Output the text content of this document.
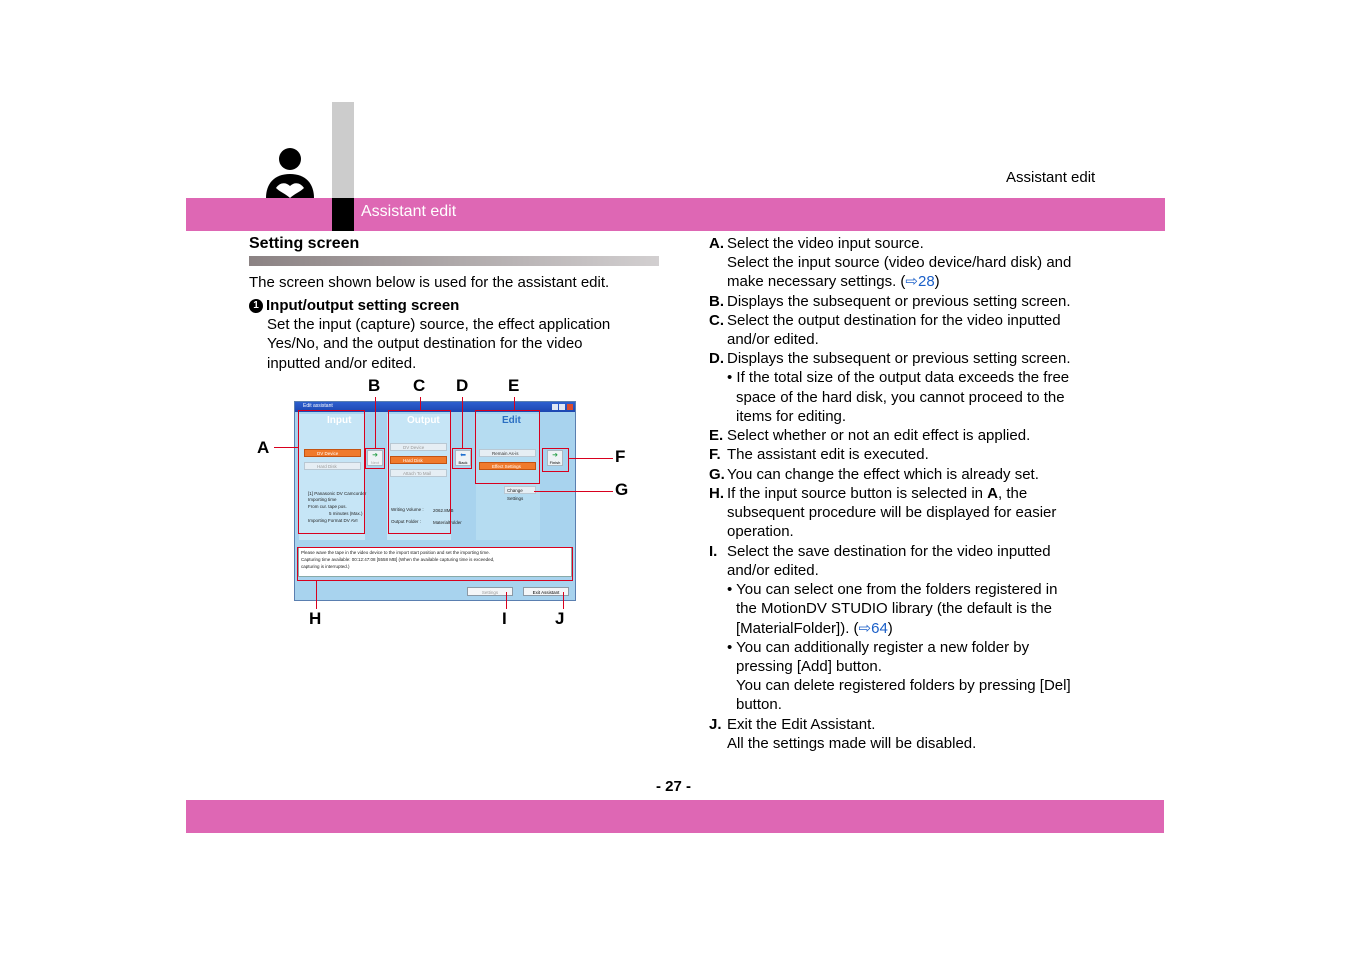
Assistant edit
Assistant edit
Setting screen
The screen shown below is used for the assistant edit.
1 Input/output setting screen
Set the input (capture) source, the effect application
Yes/No, and the output destination for the video
inputted and/or edited.
B C D E
A	F
G
H	I	J
Edit assistant
Input
DV Device
Hard Disk
[1] Panasonic DV Camcorder
Importing time
From cur. tape pos.
5 minutes (Max.)
Importing Format DV AVI
➜
Next
Output
DV Device
Hard Disk
Attach To Mail
Writing Volume : 2062.8MB
Output Folder :	MaterialFolder
⬅
Back
Edit
Remain As-is
Effect Settings
Change Settings
➜
Finish
Please wave the tape in the video device to the import start position and set the importing time.
Capturing time available: 00:12:47:08 [5558 MB] (When the available capturing time is exceeded,
capturing is interrupted.)
Settings	Exit Assistant
A. Select the video input source.
Select the input source (video device/hard disk) and
make necessary settings. (⇨28)
B. Displays the subsequent or previous setting screen.
C. Select the output destination for the video inputted
and/or edited.
D. Displays the subsequent or previous setting screen.
• If the total size of the output data exceeds the free
space of the hard disk, you cannot proceed to the
items for editing.
E. Select whether or not an edit effect is applied.
F. The assistant edit is executed.
G. You can change the effect which is already set.
H. If the input source button is selected in A, the
subsequent procedure will be displayed for easier
operation.
I. Select the save destination for the video inputted
and/or edited.
• You can select one from the folders registered in
the MotionDV STUDIO library (the default is the
[MaterialFolder]). (⇨64)
• You can additionally register a new folder by
pressing [Add] button.
You can delete registered folders by pressing [Del]
button.
J. Exit the Edit Assistant.
All the settings made will be disabled.
- 27 -
